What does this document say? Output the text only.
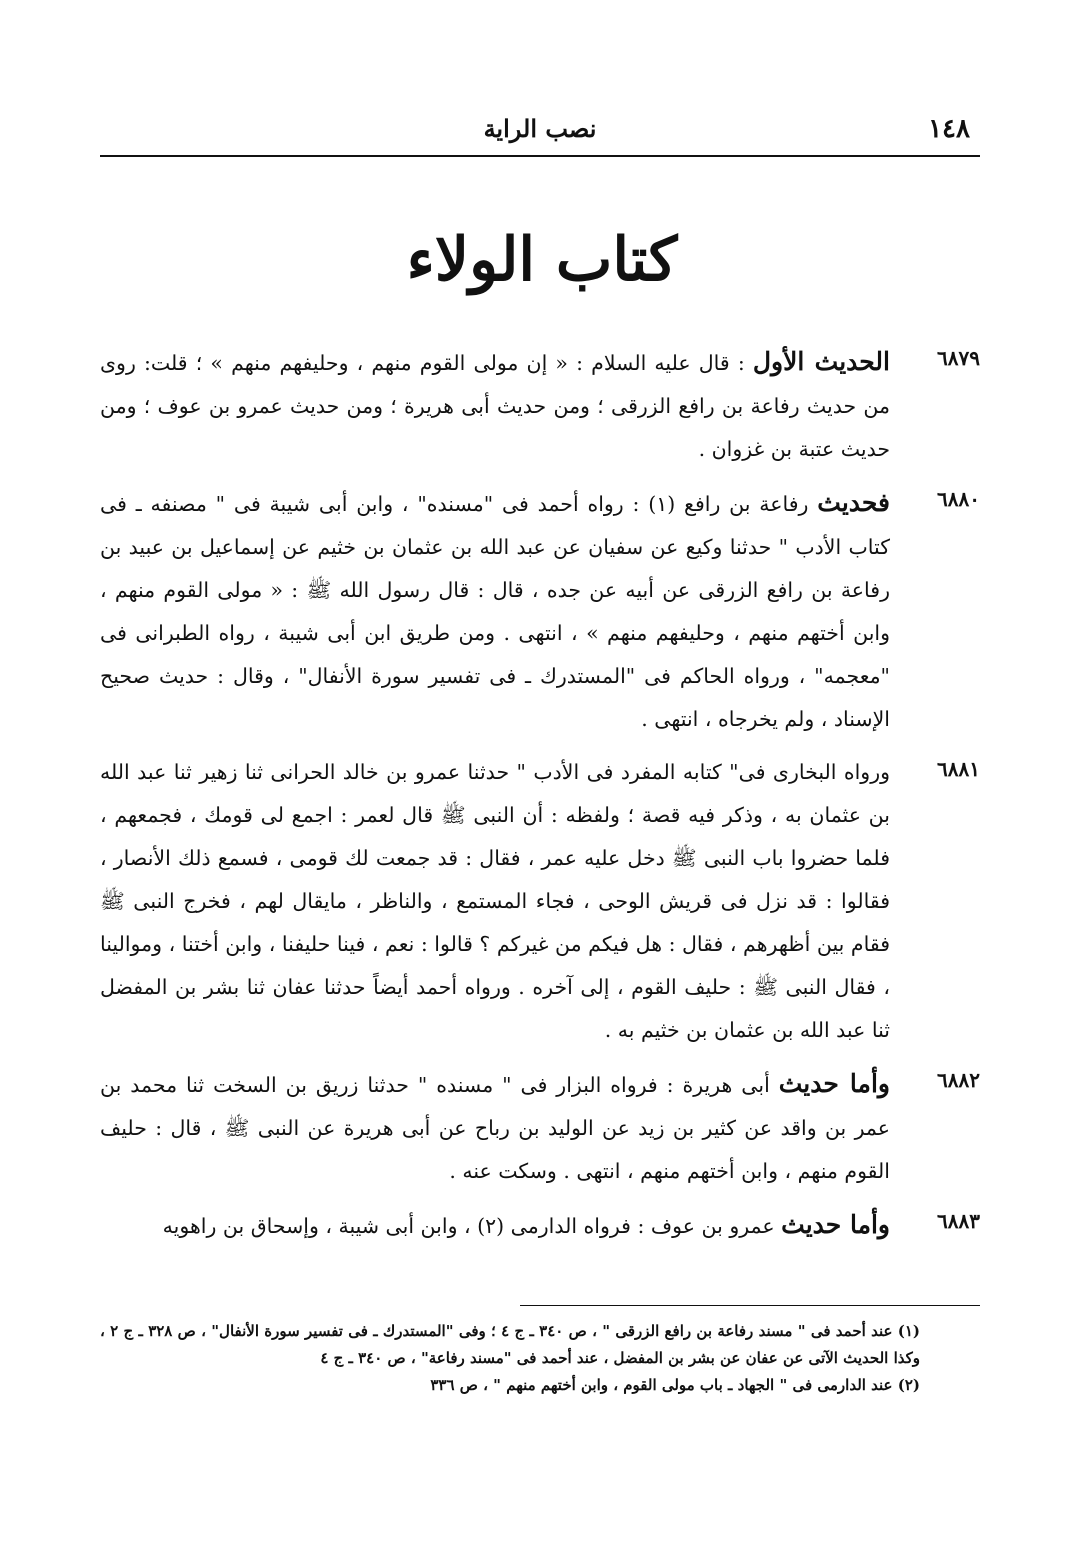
١٤٨
نصب الراية
كتاب الولاء
٦٨٧٩
الحديث الأول : قال عليه السلام : « إن مولى القوم منهم ، وحليفهم منهم » ؛ قلت: روى من حديث رفاعة بن رافع الزرقى ؛ ومن حديث أبى هريرة ؛ ومن حديث عمرو بن عوف ؛ ومن حديث عتبة بن غزوان .
٦٨٨٠
فحديث رفاعة بن رافع (١) : رواه أحمد فى "مسنده" ، وابن أبى شيبة فى " مصنفه ـ فى كتاب الأدب " حدثنا وكيع عن سفيان عن عبد الله بن عثمان بن خثيم عن إسماعيل بن عبيد بن رفاعة بن رافع الزرقى عن أبيه عن جده ، قال : قال رسول الله ﷺ : « مولى القوم منهم ، وابن أختهم منهم ، وحليفهم منهم » ، انتهى . ومن طريق ابن أبى شيبة ، رواه الطبرانى فى "معجمه" ، ورواه الحاكم فى "المستدرك ـ فى تفسير سورة الأنفال" ، وقال : حديث صحيح الإسناد ، ولم يخرجاه ، انتهى .
٦٨٨١
ورواه البخارى فى" كتابه المفرد فى الأدب " حدثنا عمرو بن خالد الحرانى ثنا زهير ثنا عبد الله بن عثمان به ، وذكر فيه قصة ؛ ولفظه : أن النبى ﷺ قال لعمر : اجمع لى قومك ، فجمعهم ، فلما حضروا باب النبى ﷺ دخل عليه عمر ، فقال : قد جمعت لك قومى ، فسمع ذلك الأنصار ، فقالوا : قد نزل فى قريش الوحى ، فجاء المستمع ، والناظر ، مايقال لهم ، فخرج النبى ﷺ فقام بين أظهرهم ، فقال : هل فيكم من غيركم ؟ قالوا : نعم ، فينا حليفنا ، وابن أختنا ، وموالينا ، فقال النبى ﷺ : حليف القوم ، إلى آخره . ورواه أحمد أيضاً حدثنا عفان ثنا بشر بن المفضل ثنا عبد الله بن عثمان بن خثيم به .
٦٨٨٢
وأما حديث أبى هريرة : فرواه البزار فى " مسنده " حدثنا زريق بن السخت ثنا محمد بن عمر بن واقد عن كثير بن زيد عن الوليد بن رباح عن أبى هريرة عن النبى ﷺ ، قال : حليف القوم منهم ، وابن أختهم منهم ، انتهى . وسكت عنه .
٦٨٨٣
وأما حديث عمرو بن عوف : فرواه الدارمى (٢) ، وابن أبى شيبة ، وإسحاق بن راهويه
(١) عند أحمد فى " مسند رفاعة بن رافع الزرقى " ، ص ٣٤٠ ـ ج ٤ ؛ وفى "المستدرك ـ فى تفسير سورة الأنفال" ، ص ٣٢٨ ـ ج ٢ ، وكذا الحديث الآتى عن عفان عن بشر بن المفضل ، عند أحمد فى "مسند رفاعة" ، ص ٣٤٠ ـ ج ٤
(٢) عند الدارمى فى " الجهاد ـ باب مولى القوم ، وابن أختهم منهم " ، ص ٣٣٦
